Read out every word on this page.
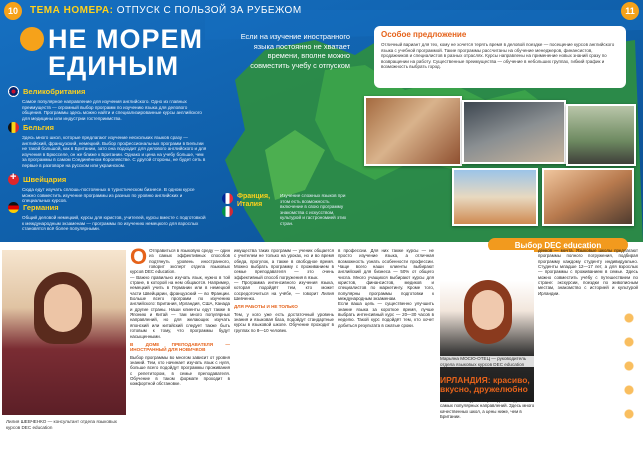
10	ТЕМА НОМЕРА: ОТПУСК С ПОЛЬЗОЙ ЗА РУБЕЖОМ	11
НЕ МОРЕМ ЕДИНЫМ
Если на изучение иностранного языка постоянно не хватает времени, вполне можно совместить учебу с отпуском
Великобритания
Самое популярное направление для изучения английского. Одно из главных преимуществ — огромный выбор программ по изучению языка для делового общения. Программы здесь можно найти и специализированные курсы английского для медицины или индустрии гостеприимства.
Бельгия
Здесь много школ, которые предлагают изучение нескольких языков сразу — английский, французский, немецкий. Выбор профессиональных программ в Бельгии не такой большой, как в Британии, зато она подходит для делового английского и для изучения в Брюсселе, он же ближе к Британии. Однако и цена на учебу больше, чем за программы в самом Соединённом Королевстве. С другой стороны, не будет сеть в первые в разговоре на русском или украинском.
+
Швейцария
Сюда едут изучать сплошь-постоянных в туристическом бизнесе. В одном курсе можно совместить изучение программы из разных по уровню английских и специальных курсов.
Германия
Общий деловой немецкий, курсы для юристов, учителей, курсы вместе с подготовкой к международным экзаменам — программы по изучению немецкого для взрослых становятся всё более популярными.
Франция,
Италия
Изучение сложных языков при этом есть возможность включение в свою программу знакомства с искусством, культурой и гастрономией этих стран.
Особое предложение
Отличный вариант для тех, кому не хочется терять время в деловой поездке — посещение курсов английского языка с учебной программой. Такие программы рассчитаны на обучение менеджеров, финансистов, продажников и специалистов в разных отраслях. Курсы направлены на применение новых знаний сразу по возвращении на работу. Существенные преимущества — обучение в небольших группах, гибкий график и возможность выбрать город.
Лилия ШЕВЧЕНКО — консультант отдела языковых курсов DEC education
О Отправиться в языковую среду — один из самых эффективных способов подтянуть уровень иностранного, говорит эксперт отдела языковых курсов DEC education.

— Важно правильно изучать язык, нужно в той стране, в которой на нем общаются. Например, немецкий учить в Германии или в немецкой части Швейцарии, французский — во Франции. Больше всего программ по изучению английского: Британия, Ирландия, США, Канада и другие страны. Наши клиенты едут также в Японию и Китай — там много популярных направлений, но для желающих изучать японский или китайский следует также быть готовым к тому, что программы будут насыщенными.

В ДОМЕ ПРЕПОДАВАТЕЛЯ — ИНОСТРАННЫЙ ДЛЯ НОВИЧКОВ

Выбор программы во многом зависит от уровня знаний. Тем, кто начинает изучать язык с нуля, больше всего подойдут программы проживания с репетитором, в семье преподавателя. Обучение в таком формате проходит в комфортной обстановке.

имущества таких программ — ученик общается с учителем не только на уроках, но и во время обеда, прогулок, а также в свободное время. Можно выбрать программу с проживанием в семье преподавателя — это очень эффективный способ погружения в язык.

— Программа интенсивного изучения языка, которая подойдёт тем, кто может сосредоточиться на учёбе, — говорит Лилия Шевченко.

ДЛЯ РАБОТЫ И НЕ ТОЛЬКО

Тем, у кого уже есть достаточный уровень знания и языковая база, подойдут стандартные курсы в языковой школе. Обучение проходит в группах по 8—10 человек.

в профессии. Для них также курсы — не просто изучение языка, а отличная возможность узнать особенности профессии. Чаще всего наши клиенты выбирают английский для бизнеса — 50% от общего числа. Много учащихся выбирают курсы для юристов, финансистов, медиков и специалистов по маркетингу. Кроме того, популярны программы подготовки к международным экзаменам.

Если ваша цель — существенно улучшить знание языка за короткое время, лучше выбрать интенсивный курс — 20—30 часов в неделю. Такой курс подойдёт тем, кто хочет добиться результата в сжатые сроки.

Выбор DEC education
Марьяна МОСЮ-ОТЕЦ — руководитель отдела языковых курсов DEC education
ИРЛАНДИЯ: красиво, вкусно, дружелюбно
— Языковые курсы в Ирландии — одно из самых популярных направлений. Здесь много качественных школ, а цены ниже, чем в Британии.

денков — мечта. Языковые школы предлагают программы полного погружения, подбирая программу каждому студенту индивидуально. Студенты младше 12—17 лет, а для взрослых — программы с проживанием в семье. Здесь можно совместить учёбу с путешествием по стране: экскурсии, поездки по живописным местам, знакомство с историей и культурой Ирландии.
